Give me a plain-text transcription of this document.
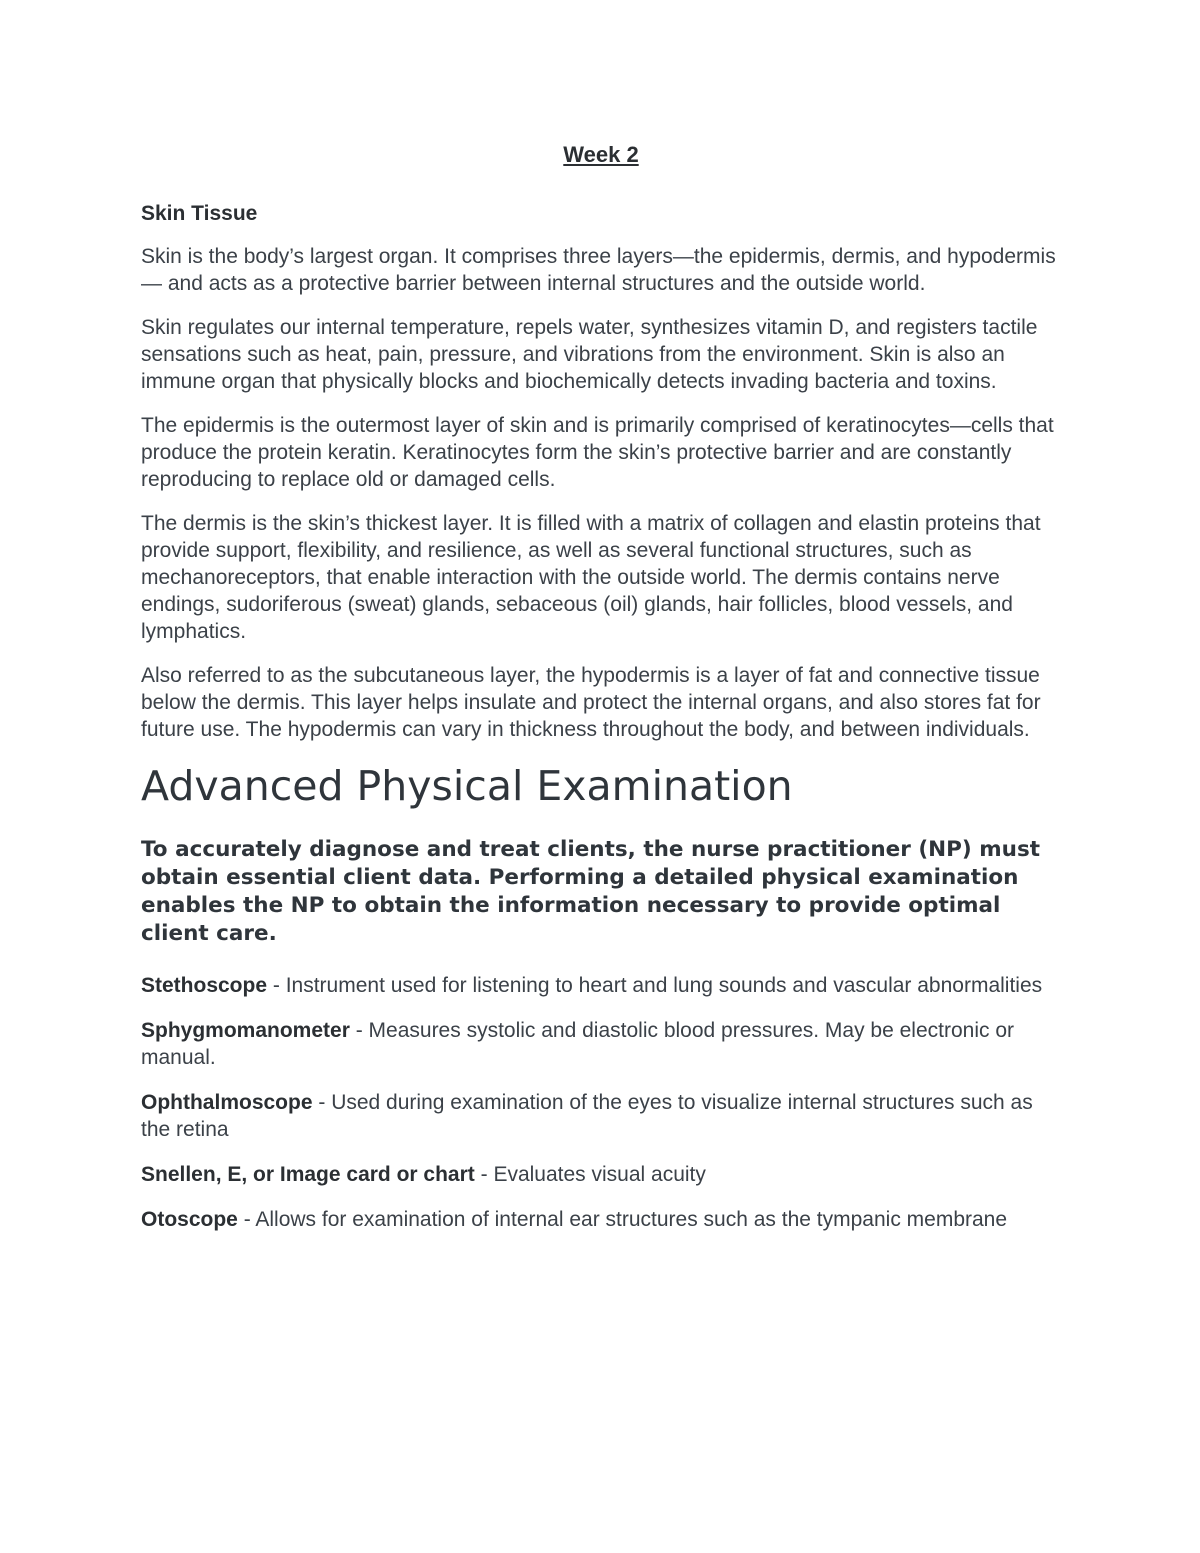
Week 2
Skin Tissue

Skin is the body’s largest organ. It comprises three layers—the epidermis, dermis, and hypodermis— and acts as a protective barrier between internal structures and the outside world.

Skin regulates our internal temperature, repels water, synthesizes vitamin D, and registers tactile sensations such as heat, pain, pressure, and vibrations from the environment. Skin is also an immune organ that physically blocks and biochemically detects invading bacteria and toxins.

The epidermis is the outermost layer of skin and is primarily comprised of keratinocytes—cells that produce the protein keratin. Keratinocytes form the skin’s protective barrier and are constantly reproducing to replace old or damaged cells.

The dermis is the skin’s thickest layer. It is filled with a matrix of collagen and elastin proteins that provide support, flexibility, and resilience, as well as several functional structures, such as mechanoreceptors, that enable interaction with the outside world. The dermis contains nerve endings, sudoriferous (sweat) glands, sebaceous (oil) glands, hair follicles, blood vessels, and lymphatics.

Also referred to as the subcutaneous layer, the hypodermis is a layer of fat and connective tissue below the dermis. This layer helps insulate and protect the internal organs, and also stores fat for future use. The hypodermis can vary in thickness throughout the body, and between individuals.

Advanced Physical Examination
To accurately diagnose and treat clients, the nurse practitioner (NP) must obtain essential client data. Performing a detailed physical examination enables the NP to obtain the information necessary to provide optimal client care.
Stethoscope - Instrument used for listening to heart and lung sounds and vascular abnormalities
Sphygmomanometer - Measures systolic and diastolic blood pressures. May be electronic or manual.
Ophthalmoscope - Used during examination of the eyes to visualize internal structures such as the retina
Snellen, E, or Image card or chart - Evaluates visual acuity
Otoscope - Allows for examination of internal ear structures such as the tympanic membrane
